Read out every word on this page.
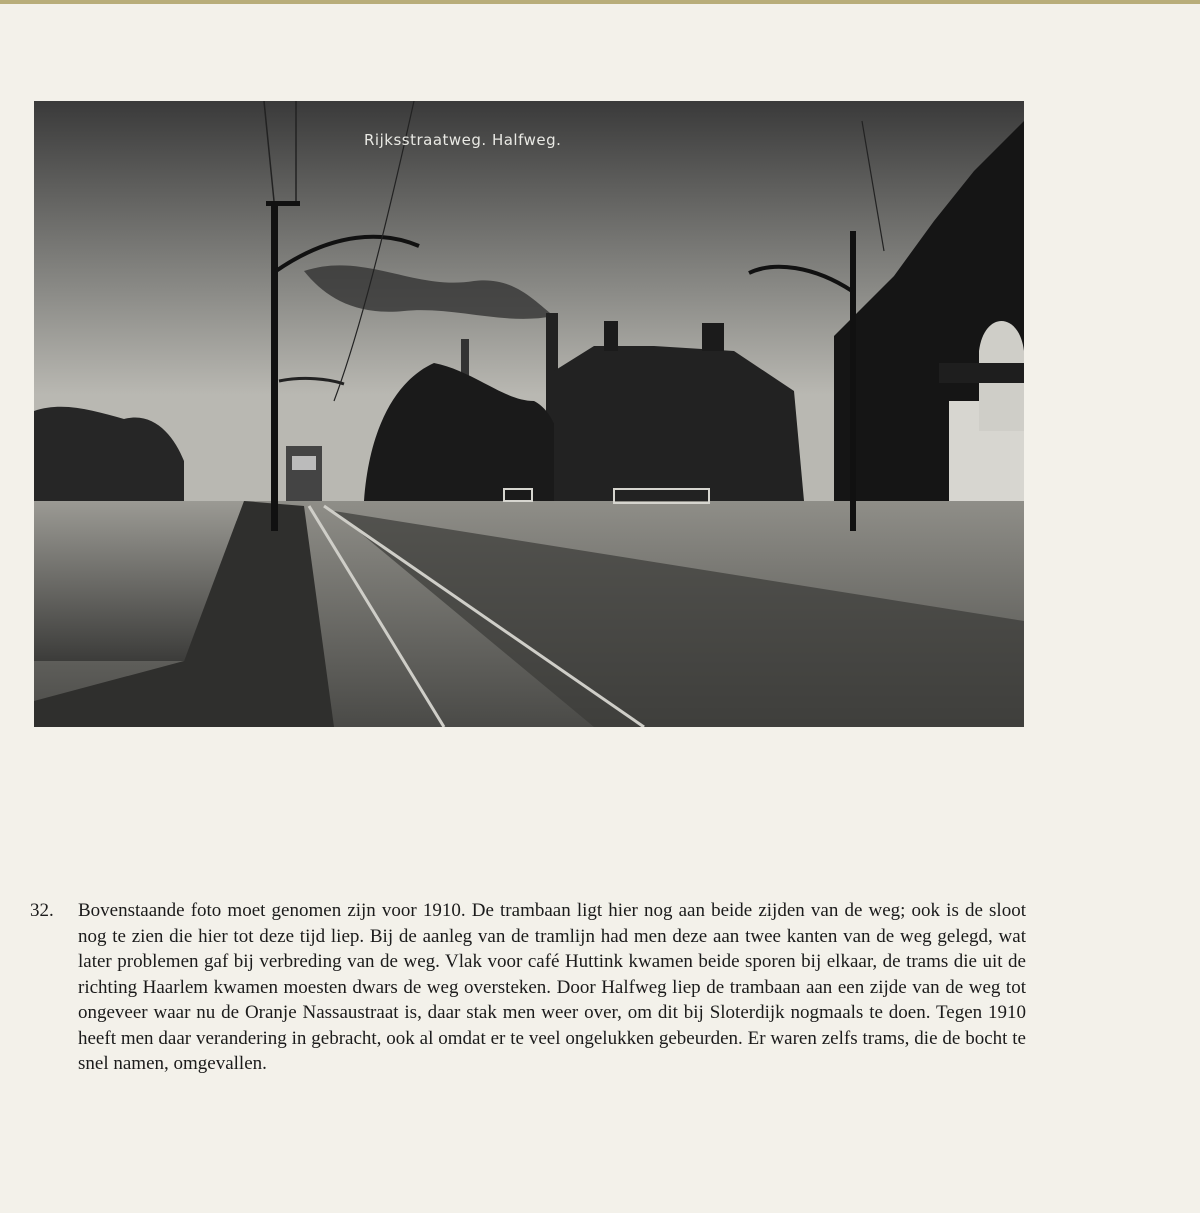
Rijksstraatweg. Halfweg.

32. Bovenstaande foto moet genomen zijn voor 1910. De trambaan ligt hier nog aan beide zijden van de weg; ook is de sloot nog te zien die hier tot deze tijd liep. Bij de aanleg van de tramlijn had men deze aan twee kanten van de weg gelegd, wat later problemen gaf bij verbreding van de weg. Vlak voor café Huttink kwamen beide sporen bij elkaar, de trams die uit de richting Haarlem kwamen moesten dwars de weg oversteken. Door Halfweg liep de trambaan aan een zijde van de weg tot ongeveer waar nu de Oranje Nassaustraat is, daar stak men weer over, om dit bij Sloterdijk nogmaals te doen. Tegen 1910 heeft men daar verandering in gebracht, ook al omdat er te veel ongelukken gebeurden. Er waren zelfs trams, die de bocht te snel namen, omgevallen.
